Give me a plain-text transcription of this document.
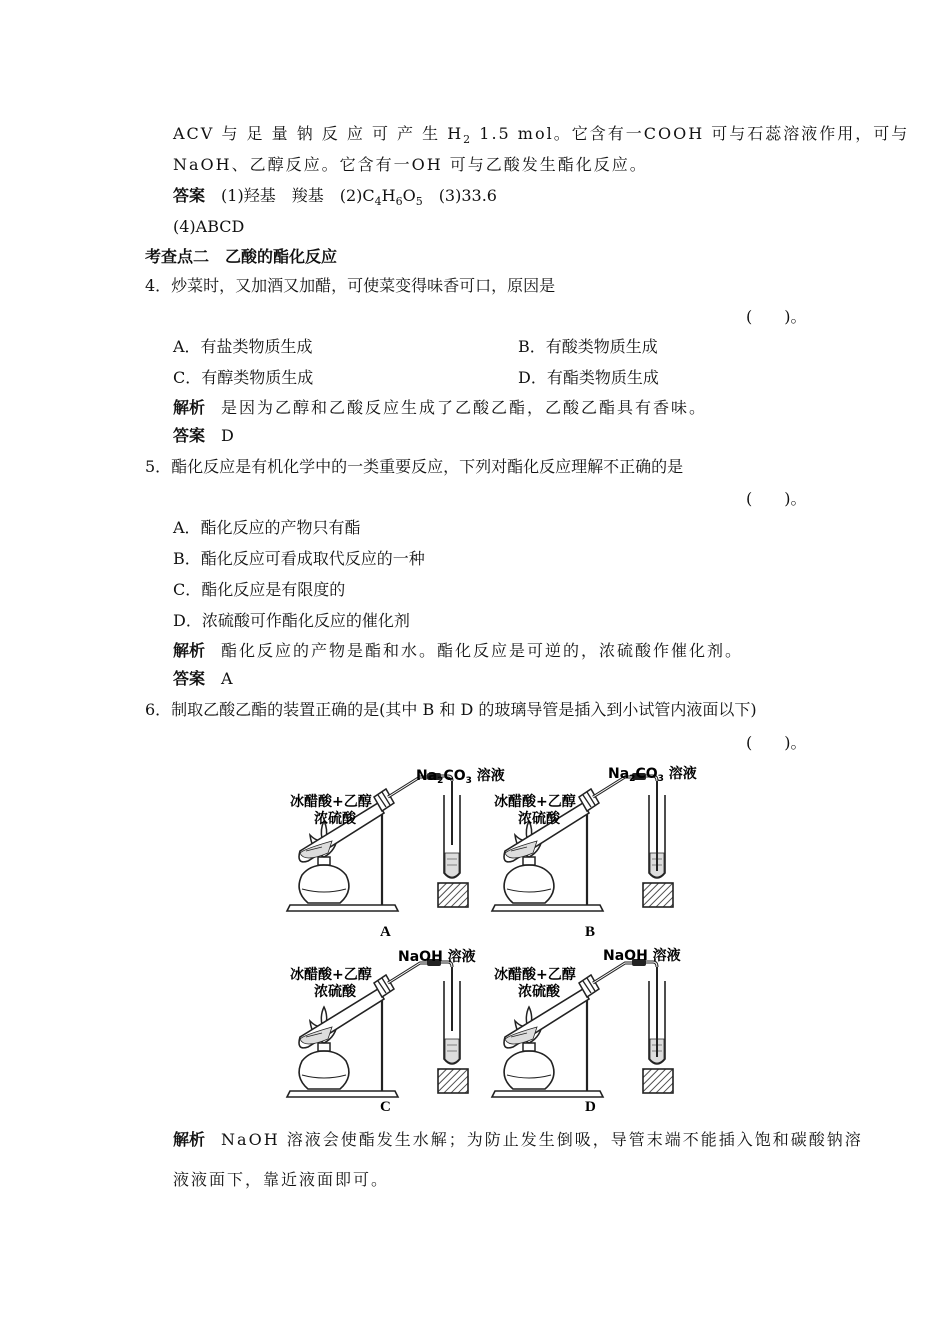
ACV 与 足 量 钠 反 应 可 产 生 $H_2$ 1.5 mol。它含有一COOH 可与石蕊溶液作用，可与
NaOH、乙醇反应。它含有一OH 可与乙酸发生酯化反应。
答案　 (1)羟基　羧基　$(2)C_4H_6O_5$　(3)33.6
(4)ABCD
考查点二　乙酸的酯化反应
4．炒菜时，又加酒又加醋，可使菜变得味香可口，原因是
(　　)。
A．有盐类物质生成	B．有酸类物质生成
C．有醇类物质生成	D．有酯类物质生成
解析　 是因为乙醇和乙酸反应生成了乙酸乙酯，乙酸乙酯具有香味。
答案　 D
5．酯化反应是有机化学中的一类重要反应，下列对酯化反应理解不正确的是
(　　)。
A．酯化反应的产物只有酯
B．酯化反应可看成取代反应的一种
C．酯化反应是有限度的
D．浓硫酸可作酯化反应的催化剂
解析　 酯化反应的产物是酯和水。酯化反应是可逆的，浓硫酸作催化剂。
答案　 A
6．制取乙酸乙酯的装置正确的是(其中 B 和 D 的玻璃导管是插入到小试管内液面以下)
(　　)。
冰醋酸+乙醇
浓硫酸
$Na_2CO_3$ 溶液
A
冰醋酸+乙醇
浓硫酸
$Na_2CO_3$ 溶液
B
冰醋酸+乙醇
浓硫酸
NaOH 溶液
C
冰醋酸+乙醇
浓硫酸
NaOH 溶液
D
解析　 NaOH 溶液会使酯发生水解；为防止发生倒吸，导管末端不能插入饱和碳酸钠溶
液液面下，靠近液面即可。
